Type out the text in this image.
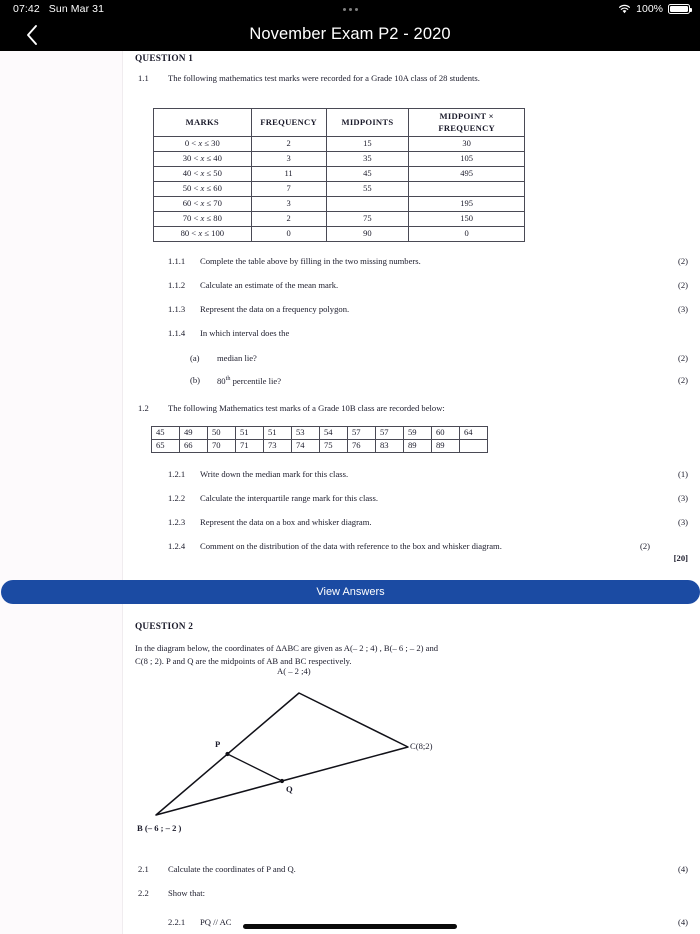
07:42 Sun Mar 31	100%
November Exam P2 - 2020
QUESTION 1
1.1	The following mathematics test marks were recorded for a Grade 10A class of 28 students.
MARKS	FREQUENCY	MIDPOINTS	MIDPOINT ×
FREQUENCY
0 < x ≤ 30	2	15	30
30 < x ≤ 40	3	35	105
40 < x ≤ 50	11	45	495
50 < x ≤ 60	7	55	
60 < x ≤ 70	3		195
70 < x ≤ 80	2	75	150
80 < x ≤ 100	0	90	0
1.1.1	Complete the table above by filling in the two missing numbers.	(2)
1.1.2	Calculate an estimate of the mean mark.	(2)
1.1.3	Represent the data on a frequency polygon.	(3)
1.1.4	In which interval does the
(a)	median lie?	(2)
(b)	80th percentile lie?	(2)
1.2	The following Mathematics test marks of a Grade 10B class are recorded below:
45	49	50	51	51	53	54	57	57	59	60	64
65	66	70	71	73	74	75	76	83	89	89	
1.2.1	Write down the median mark for this class.	(1)
1.2.2	Calculate the interquartile range mark for this class.	(3)
1.2.3	Represent the data on a box and whisker diagram.	(3)
1.2.4	Comment on the distribution of the data with reference to the box and whisker diagram.	(2)
[20]
QUESTION 2
In the diagram below, the coordinates of ΔABC are given as A(– 2 ; 4) , B(– 6 ; – 2) and
C(8 ; 2). P and Q are the midpoints of AB and BC respectively.
A( – 2 ;4)
P
Q
C(8;2)
B (– 6 ; – 2 )
2.1	Calculate the coordinates of P and Q.	(4)
2.2	Show that:
2.2.1	PQ // AC	(4)
View Answers
